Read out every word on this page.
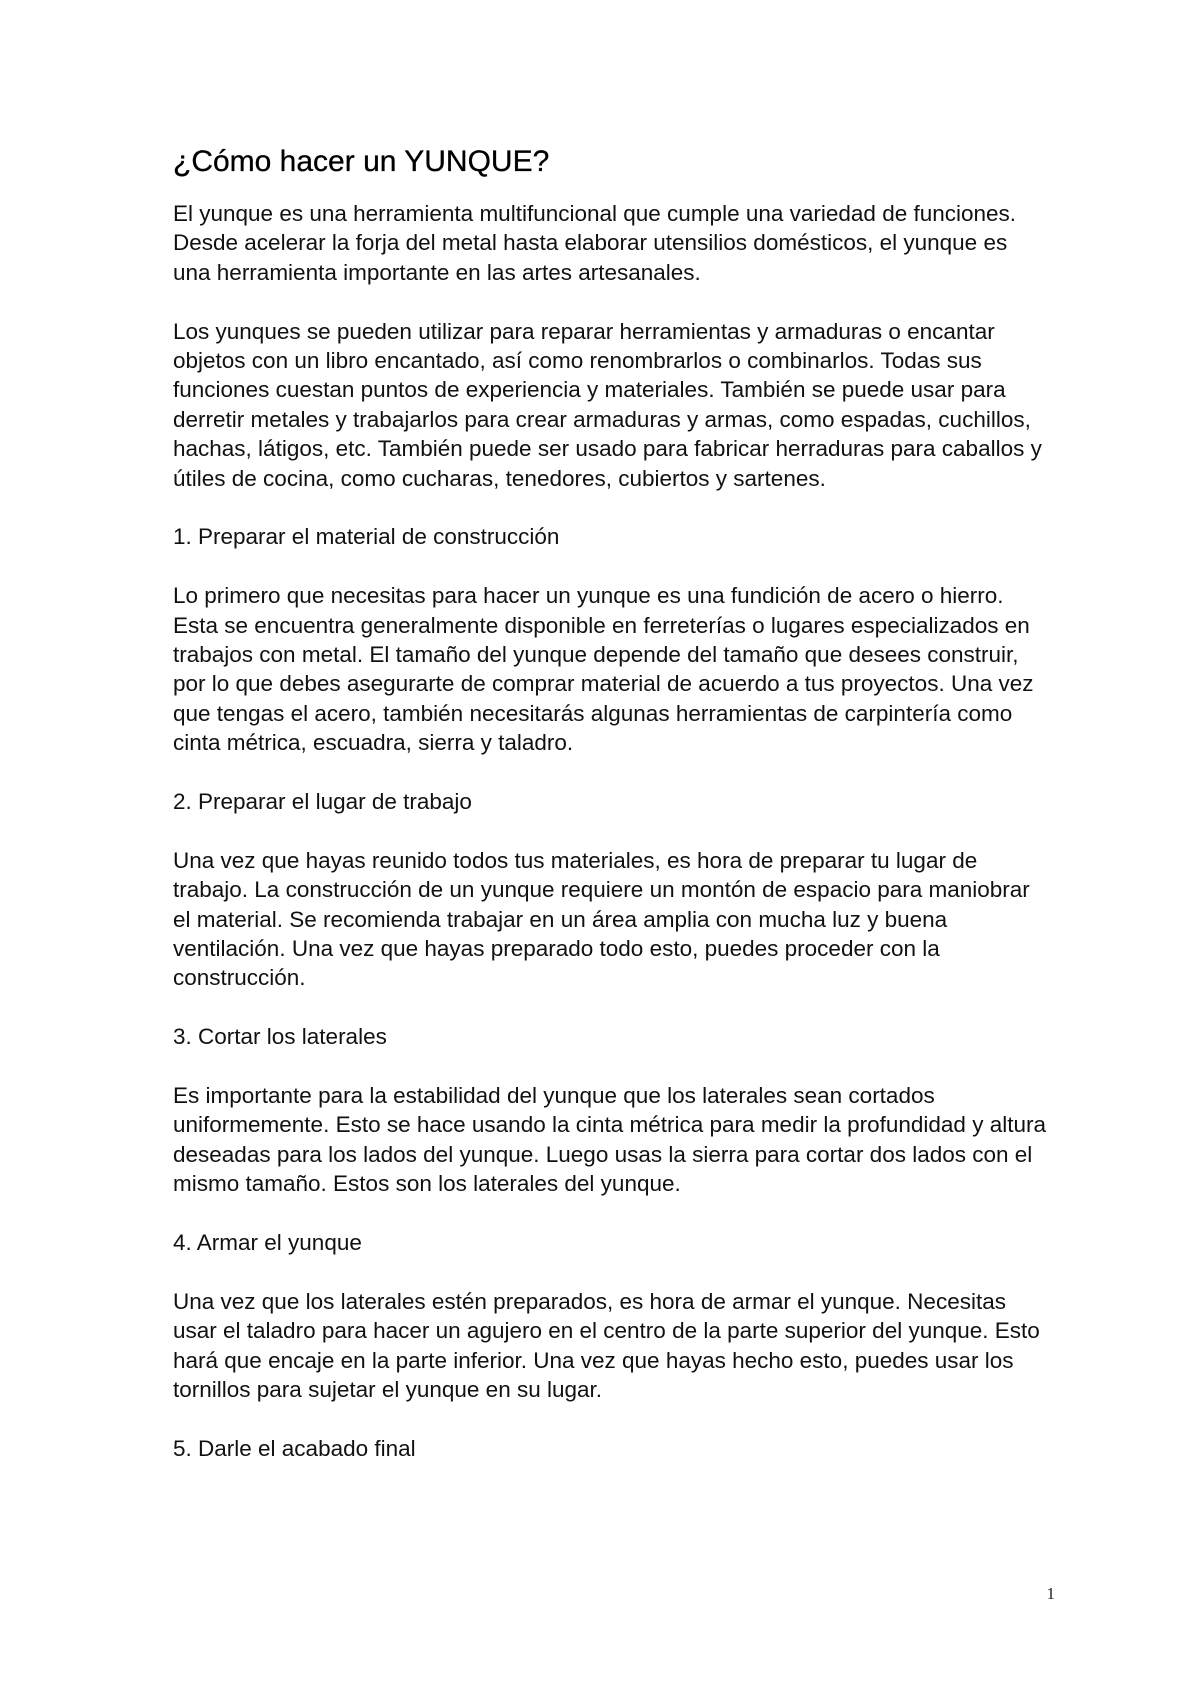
¿Cómo hacer un YUNQUE?

El yunque es una herramienta multifuncional que cumple una variedad de funciones. Desde acelerar la forja del metal hasta elaborar utensilios domésticos, el yunque es una herramienta importante en las artes artesanales.

Los yunques se pueden utilizar para reparar herramientas y armaduras o encantar objetos con un libro encantado, así como renombrarlos o combinarlos. Todas sus funciones cuestan puntos de experiencia y materiales. También se puede usar para derretir metales y trabajarlos para crear armaduras y armas, como espadas, cuchillos, hachas, látigos, etc. También puede ser usado para fabricar herraduras para caballos y útiles de cocina, como cucharas, tenedores, cubiertos y sartenes.

1. Preparar el material de construcción

Lo primero que necesitas para hacer un yunque es una fundición de acero o hierro. Esta se encuentra generalmente disponible en ferreterías o lugares especializados en trabajos con metal. El tamaño del yunque depende del tamaño que desees construir, por lo que debes asegurarte de comprar material de acuerdo a tus proyectos. Una vez que tengas el acero, también necesitarás algunas herramientas de carpintería como cinta métrica, escuadra, sierra y taladro.

2. Preparar el lugar de trabajo

Una vez que hayas reunido todos tus materiales, es hora de preparar tu lugar de trabajo. La construcción de un yunque requiere un montón de espacio para maniobrar el material. Se recomienda trabajar en un área amplia con mucha luz y buena ventilación. Una vez que hayas preparado todo esto, puedes proceder con la construcción.

3. Cortar los laterales

Es importante para la estabilidad del yunque que los laterales sean cortados uniformemente. Esto se hace usando la cinta métrica para medir la profundidad y altura deseadas para los lados del yunque. Luego usas la sierra para cortar dos lados con el mismo tamaño. Estos son los laterales del yunque.

4. Armar el yunque

Una vez que los laterales estén preparados, es hora de armar el yunque. Necesitas usar el taladro para hacer un agujero en el centro de la parte superior del yunque. Esto hará que encaje en la parte inferior. Una vez que hayas hecho esto, puedes usar los tornillos para sujetar el yunque en su lugar.

5. Darle el acabado final

1
